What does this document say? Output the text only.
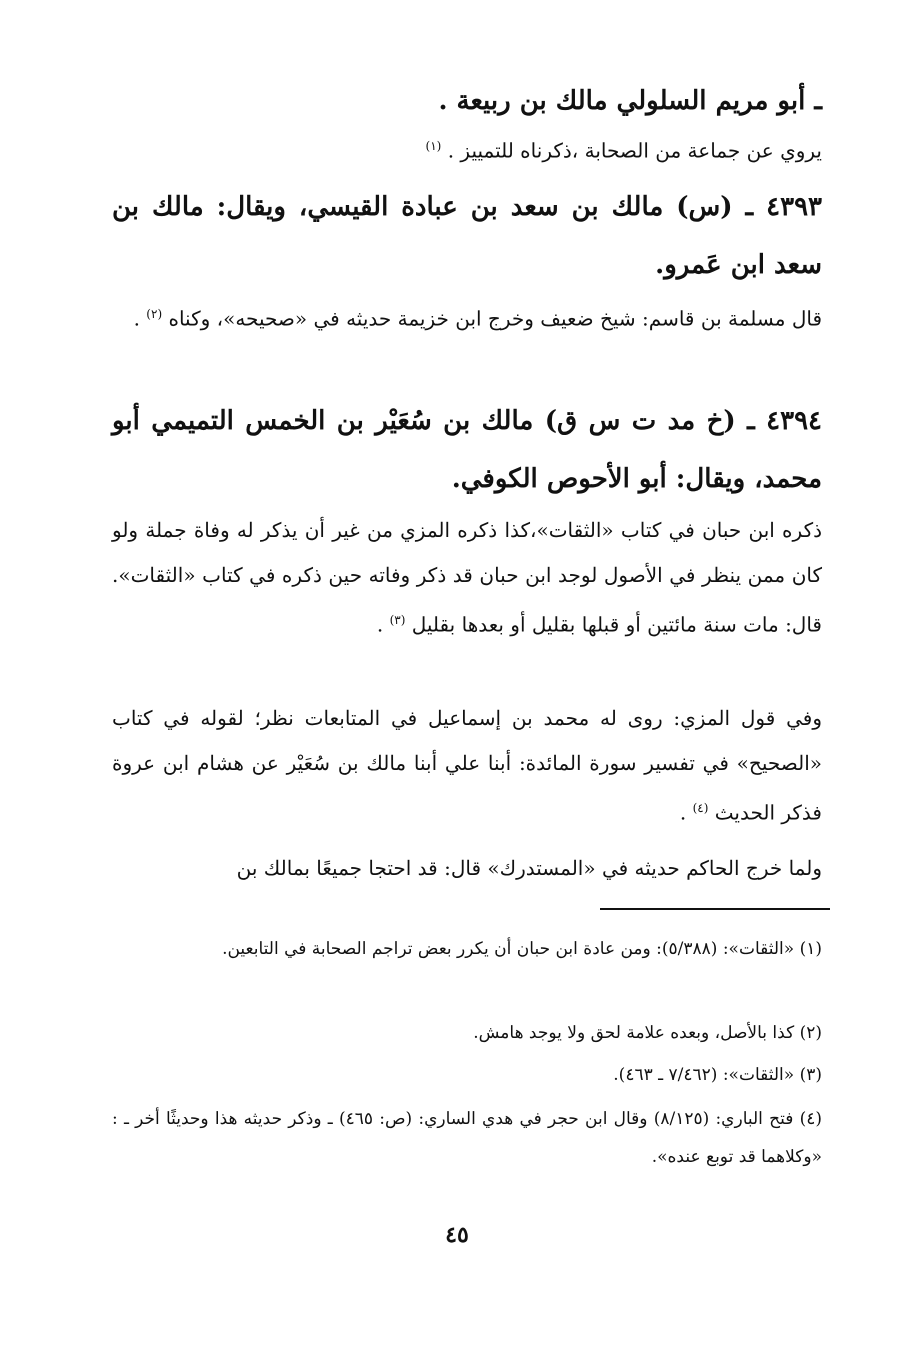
ـ أبو مريم السلولي مالك بن ربيعة .
يروي عن جماعة من الصحابة ،ذكرناه للتمييز . $^{(١)}$
٤٣٩٣ ـ (س) مالك بن سعد بن عبادة القيسي، ويقال: مالك بن سعد ابن عَمرو.
قال مسلمة بن قاسم: شيخ ضعيف وخرج ابن خزيمة حديثه في «صحيحه»، وكناه $^{(٢)}$ .
٤٣٩٤ ـ (خ مد ت س ق) مالك بن سُعَيْر بن الخمس التميمي أبو محمد، ويقال: أبو الأحوص الكوفي.
ذكره ابن حبان في كتاب «الثقات»،كذا ذكره المزي من غير أن يذكر له وفاة جملة ولو كان ممن ينظر في الأصول لوجد ابن حبان قد ذكر وفاته حين ذكره في كتاب «الثقات». قال: مات سنة مائتين أو قبلها بقليل أو بعدها بقليل $^{(٣)}$ .
وفي قول المزي: روى له محمد بن إسماعيل في المتابعات نظر؛ لقوله في كتاب «الصحيح» في تفسير سورة المائدة: أبنا علي أبنا مالك بن سُعَيْر عن هشام ابن عروة فذكر الحديث $^{(٤)}$ .
ولما خرج الحاكم حديثه في «المستدرك» قال: قد احتجا جميعًا بمالك بن
(١) «الثقات»: (٥/٣٨٨): ومن عادة ابن حبان أن يكرر بعض تراجم الصحابة في التابعين.
(٢) كذا بالأصل، وبعده علامة لحق ولا يوجد هامش.
(٣) «الثقات»: (٧/٤٦٢ ـ ٤٦٣).
(٤) فتح الباري: (٨/١٢٥) وقال ابن حجر في هدي الساري: (ص: ٤٦٥) ـ وذكر حديثه هذا وحديثًا أخر ـ : «وكلاهما قد توبع عنده».
٤٥
